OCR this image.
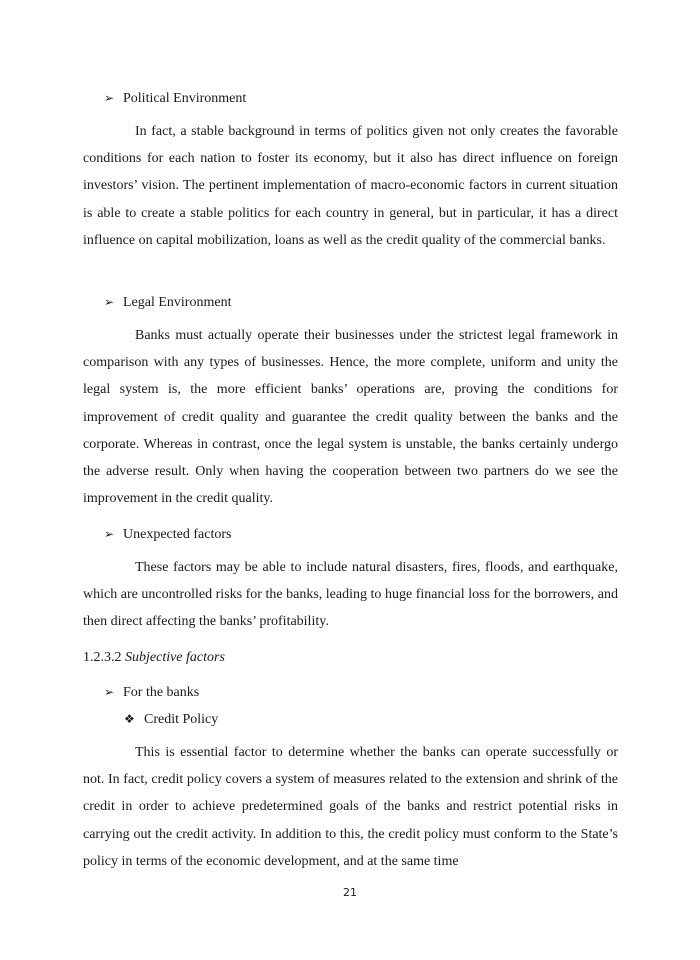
➢ Political Environment

In fact, a stable background in terms of politics given not only creates the favorable conditions for each nation to foster its economy, but it also has direct influence on foreign investors’ vision. The pertinent implementation of macro-economic factors in current situation is able to create a stable politics for each country in general, but in particular, it has a direct influence on capital mobilization, loans as well as the credit quality of the commercial banks.

➢ Legal Environment

Banks must actually operate their businesses under the strictest legal framework in comparison with any types of businesses. Hence, the more complete, uniform and unity the legal system is, the more efficient banks’ operations are, proving the conditions for improvement of credit quality and guarantee the credit quality between the banks and the corporate. Whereas in contrast, once the legal system is unstable, the banks certainly undergo the adverse result. Only when having the cooperation between two partners do we see the improvement in the credit quality.

➢ Unexpected factors

These factors may be able to include natural disasters, fires, floods, and earthquake, which are uncontrolled risks for the banks, leading to huge financial loss for the borrowers, and then direct affecting the banks’ profitability.

1.2.3.2 Subjective factors
➢ For the banks
❖ Credit Policy

This is essential factor to determine whether the banks can operate successfully or not. In fact, credit policy covers a system of measures related to the extension and shrink of the credit in order to achieve predetermined goals of the banks and restrict potential risks in carrying out the credit activity. In addition to this, the credit policy must conform to the State’s policy in terms of the economic development, and at the same time

21
